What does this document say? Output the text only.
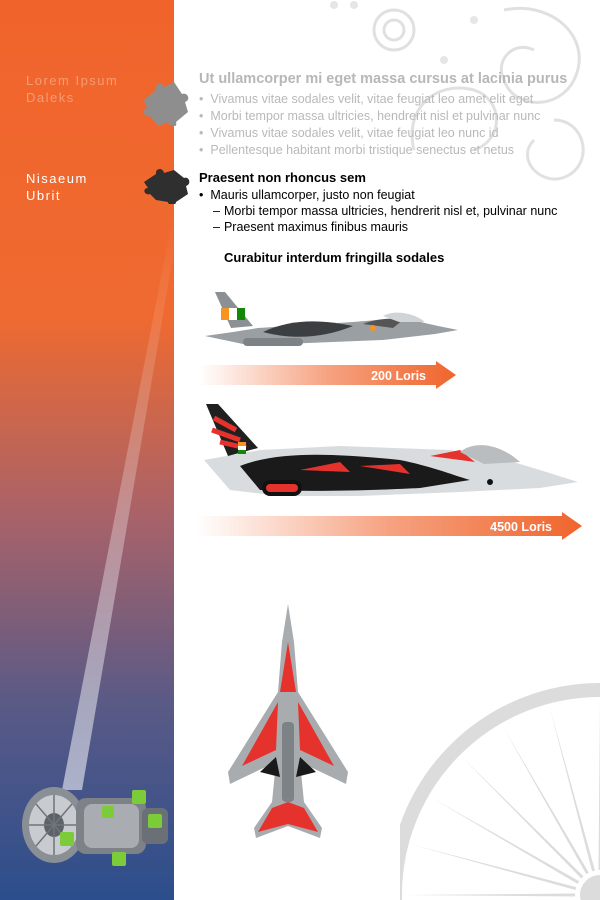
Lorem Ipsum
Daleks
Nisaeum
Ubrit
Ut ullamcorper mi eget massa cursus at lacinia purus
• Vivamus vitae sodales velit, vitae feugiat leo amet elit eget
• Morbi tempor massa ultricies, hendrerit nisl et pulvinar nunc
• Vivamus vitae sodales velit, vitae feugiat leo nunc id
• Pellentesque habitant morbi tristique senectus et netus
Praesent non rhoncus sem
• Mauris ullamcorper, justo non feugiat
– Morbi tempor massa ultricies, hendrerit nisl et, pulvinar nunc
– Praesent maximus finibus mauris
Curabitur interdum fringilla sodales
200 Loris
4500 Loris
